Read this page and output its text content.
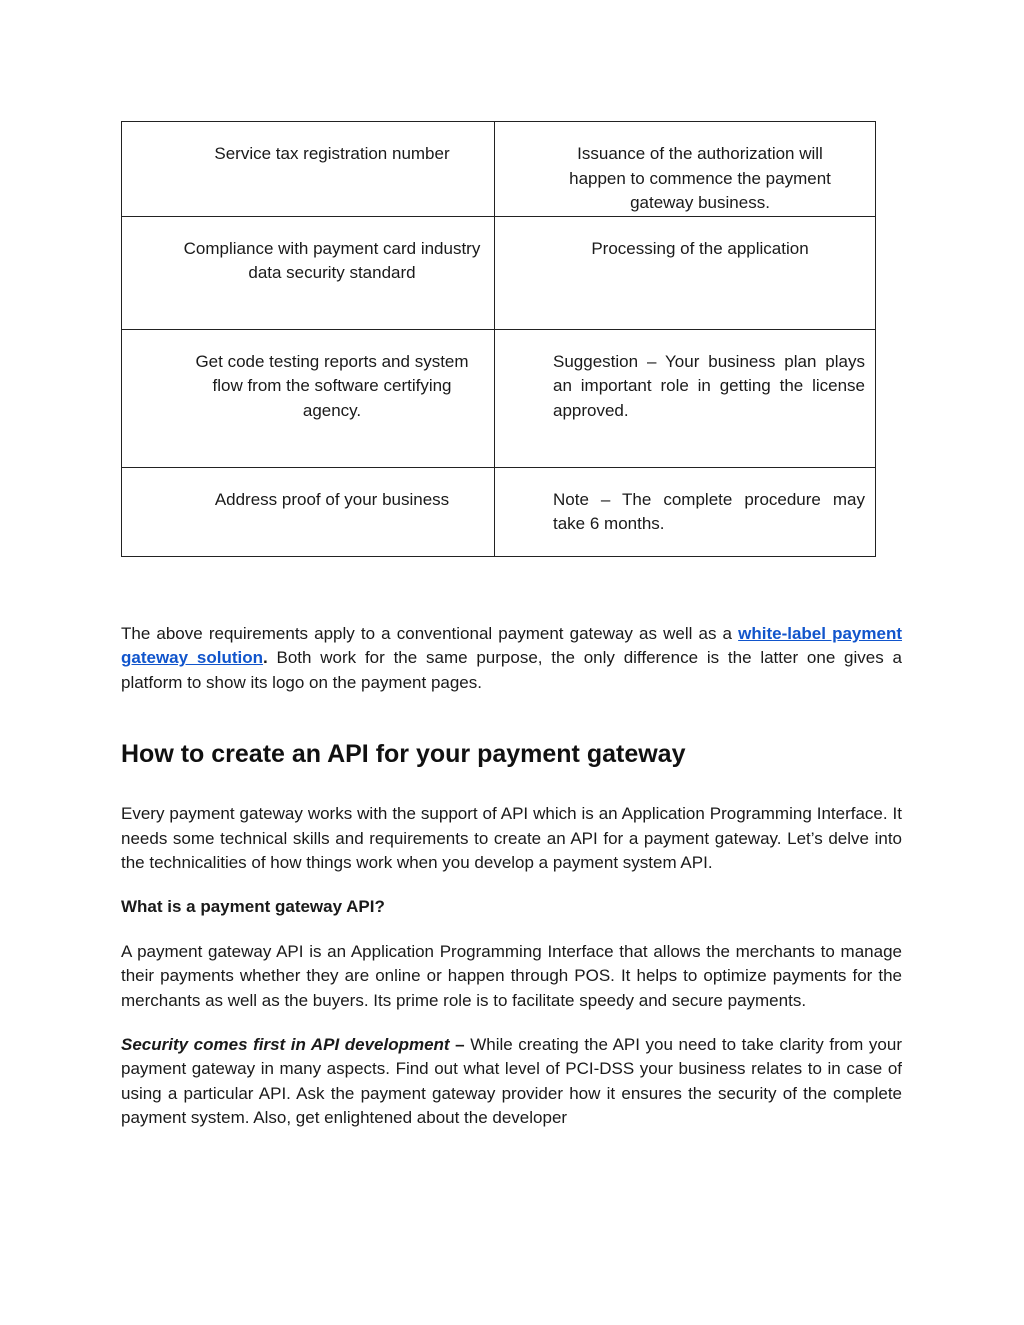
Service tax registration number	Issuance of the authorization will happen to commence the payment gateway business.

Compliance with payment card industry data security standard	Processing of the application

Get code testing reports and system flow from the software certifying agency.	Suggestion – Your business plan plays an important role in getting the license approved.

Address proof of your business	Note – The complete procedure may take 6 months.

The above requirements apply to a conventional payment gateway as well as a white-label payment gateway solution. Both work for the same purpose, the only difference is the latter one gives a platform to show its logo on the payment pages.

How to create an API for your payment gateway

Every payment gateway works with the support of API which is an Application Programming Interface. It needs some technical skills and requirements to create an API for a payment gateway. Let’s delve into the technicalities of how things work when you develop a payment system API.

What is a payment gateway API?

A payment gateway API is an Application Programming Interface that allows the merchants to manage their payments whether they are online or happen through POS. It helps to optimize payments for the merchants as well as the buyers. Its prime role is to facilitate speedy and secure payments.

Security comes first in API development – While creating the API you need to take clarity from your payment gateway in many aspects. Find out what level of PCI-DSS your business relates to in case of using a particular API. Ask the payment gateway provider how it ensures the security of the complete payment system. Also, get enlightened about the developer
